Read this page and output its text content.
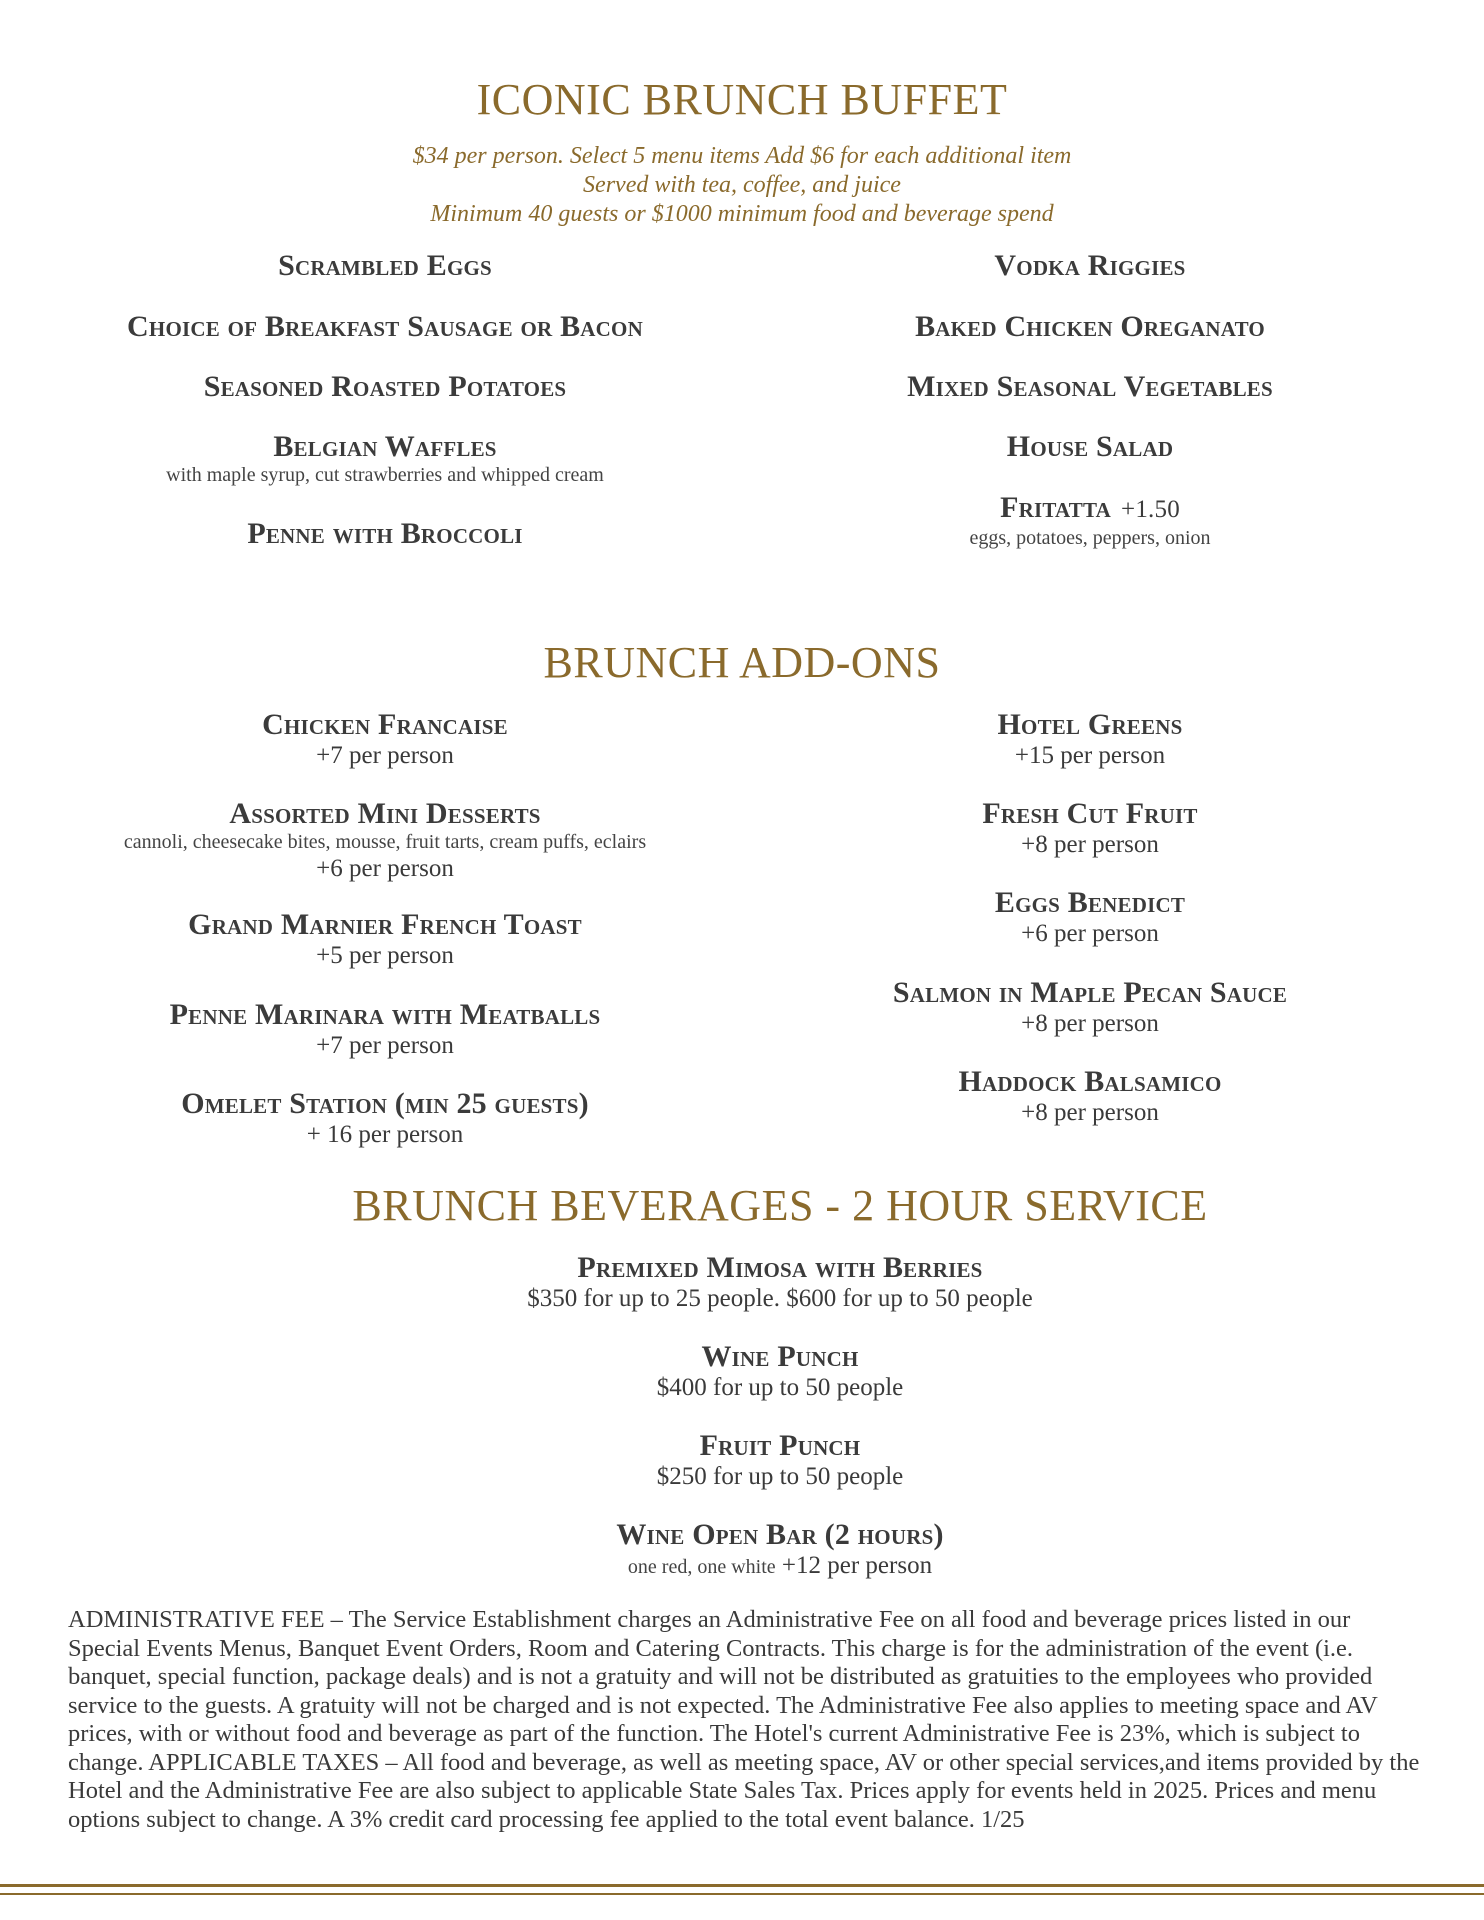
ICONIC BRUNCH BUFFET
$34 per person. Select 5 menu items Add $6 for each additional item
Served with tea, coffee, and juice
Minimum 40 guests or $1000 minimum food and beverage spend
Scrambled Eggs
Choice of Breakfast Sausage or Bacon
Seasoned Roasted Potatoes
Belgian Waffles
with maple syrup, cut strawberries and whipped cream
Penne with Broccoli
Vodka Riggies
Baked Chicken Oreganato
Mixed Seasonal Vegetables
House Salad
Fritatta +1.50
eggs, potatoes, peppers, onion
BRUNCH ADD-ONS
Chicken Francaise
+7 per person
Assorted Mini Desserts
cannoli, cheesecake bites, mousse, fruit tarts, cream puffs, eclairs
+6 per person
Grand Marnier French Toast
+5 per person
Penne Marinara with Meatballs
+7 per person
Omelet Station (min 25 guests)
+ 16 per person
Hotel Greens
+15 per person
Fresh Cut Fruit
+8 per person
Eggs Benedict
+6 per person
Salmon in Maple Pecan Sauce
+8 per person
Haddock Balsamico
+8 per person
BRUNCH BEVERAGES - 2 HOUR SERVICE
Premixed Mimosa with Berries
$350 for up to 25 people. $600 for up to 50 people
Wine Punch
$400 for up to 50 people
Fruit Punch
$250 for up to 50 people
Wine Open Bar (2 hours)
one red, one white +12 per person
ADMINISTRATIVE FEE – The Service Establishment charges an Administrative Fee on all food and beverage prices listed in our Special Events Menus, Banquet Event Orders, Room and Catering Contracts. This charge is for the administration of the event (i.e. banquet, special function, package deals) and is not a gratuity and will not be distributed as gratuities to the employees who provided service to the guests. A gratuity will not be charged and is not expected. The Administrative Fee also applies to meeting space and AV prices, with or without food and beverage as part of the function. The Hotel's current Administrative Fee is 23%, which is subject to change. APPLICABLE TAXES – All food and beverage, as well as meeting space, AV or other special services,and items provided by the Hotel and the Administrative Fee are also subject to applicable State Sales Tax. Prices apply for events held in 2025. Prices and menu options subject to change. A 3% credit card processing fee applied to the total event balance. 1/25
